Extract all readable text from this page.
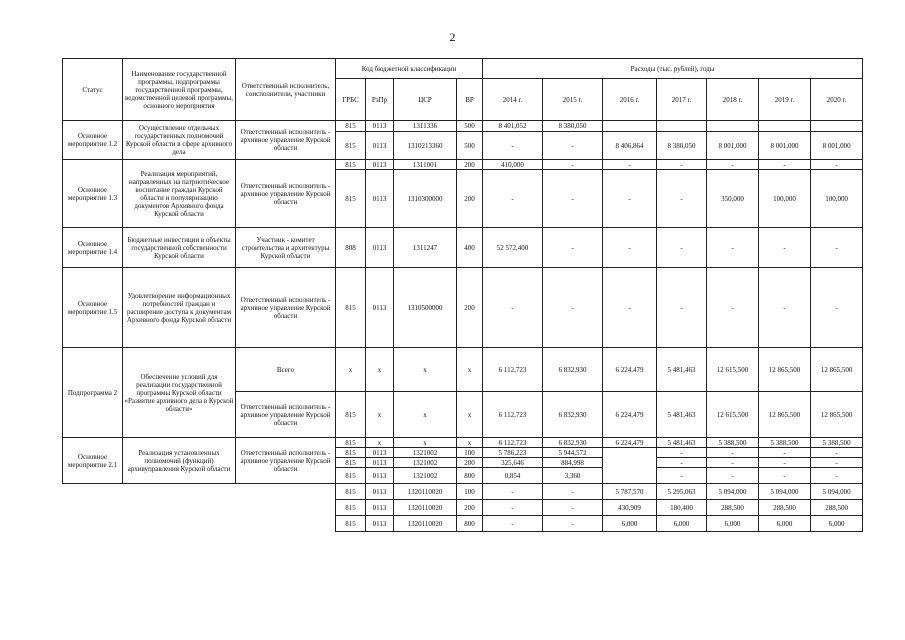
2
Статус	Наименование государственной программы, подпрограммы государственной программы, ведомственной целевой программы, основного мероприятия	Ответственный исполнитель, соисполнители, участники	Код бюджетной классификации				Расходы (тыс. рублей), годы						
			ГРБС	РзПр	ЦСР	ВР	2014 г.	2015 г.	2016 г.	2017 г.	2018 г.	2019 г.	2020 г.
Основное мероприятие 1.2	Осуществление отдельных государственных полномочий Курской области в сфере архивного дела	Ответственный исполнитель - архивное управление Курской области	815	0113	1311336	500	8 401,052	8 380,050					
			815	0113	1310213360	500	-	-	8 406,864	8 380,050	8 001,000	8 001,000	8 001,000
Основное мероприятие 1.3	Реализация мероприятий, направленных на патриотическое воспитание граждан Курской области и популяризацию документов Архивного фонда Курской области	Ответственный исполнитель - архивное управление Курской области	815	0113	1311001	200	410,000	-	-	-	-	-	-
			815	0113	1310300000	200	-	-	-	-	350,000	100,000	100,000
Основное мероприятие 1.4	Бюджетные инвестиции в объекты государственной собственности Курской области	Участник - комитет строительства и архитектуры Курской области	808	0113	1311247	400	52 572,400	-	-	-	-	-	-
Основное мероприятие 1.5	Удовлетворение информационных потребностей граждан и расширение доступа к документам Архивного фонда Курской области	Ответственный исполнитель - архивное управление Курской области	815	0113	1310500000	200	-	-	-	-	-	-	-
Подпрограмма 2	Обеспечение условий для реализации государственной программы Курской области «Развитие архивного дела в Курской области»	Всего	х	х	х	х	6 112,723	6 832,930	6 224,479	5 481,463	12 615,500	12 865,500	12 865,500
		Ответственный исполнитель - архивное управление Курской области	815	х	х	х	6 112,723	6 832,930	6 224,479	5 481,463	12 615,500	12 865,500	12 865,500
Основное мероприятие 2.1	Реализация установленных полномочий (функций) архивуправления Курской области	Ответственный исполнитель - архивное управление Курской области	815	х	х	х	6 112,723	6 832,930	6 224,479	5 481,463	5 388,500	5 388,500	5 388,500
			815	0113	1321002	100	5 786,223	5 944,572		-	-	-	-
			815	0113	1321002	200	325,646	884,998		-	-	-	-
			815	0113	1321002	800	0,854	3,360		-	-	-	-
			815	0113	1320110020	100	-	-	5 787,570	5 295,063	5 094,000	5 094,000	5 094,000
			815	0113	1320110020	200	-	-	430,909	180,400	288,500	288,500	288,500
			815	0113	1320110020	800	-	-	6,000	6,000	6,000	6,000	6,000
